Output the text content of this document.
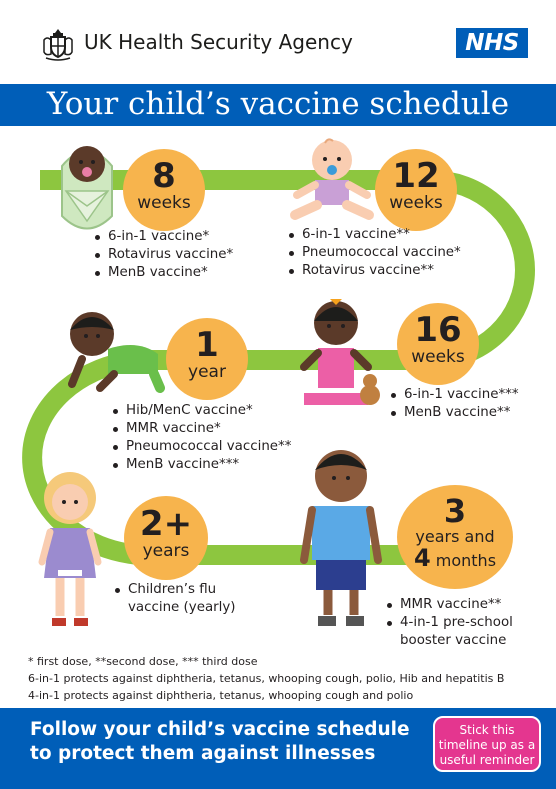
UK Health Security Agency	NHS
Your child’s vaccine schedule
8
weeks
12
weeks
16
weeks
1
year
2+
years
3
years and
4 months
6-in-1 vaccine*
Rotavirus vaccine*
MenB vaccine*
6-in-1 vaccine**
Pneumococcal vaccine*
Rotavirus vaccine**
6-in-1 vaccine***
MenB vaccine**
Hib/MenC vaccine*
MMR vaccine*
Pneumococcal vaccine**
MenB vaccine***
Children’s flu vaccine (yearly)	MMR vaccine**
4-in-1 pre-school booster vaccine
* first dose, **second dose, *** third dose
6-in-1 protects against diphtheria, tetanus, whooping cough, polio, Hib and hepatitis B
4-in-1 protects against diphtheria, tetanus, whooping cough and polio
Follow your child’s vaccine schedule
to protect them against illnesses
Stick this
timeline up as a
useful reminder
